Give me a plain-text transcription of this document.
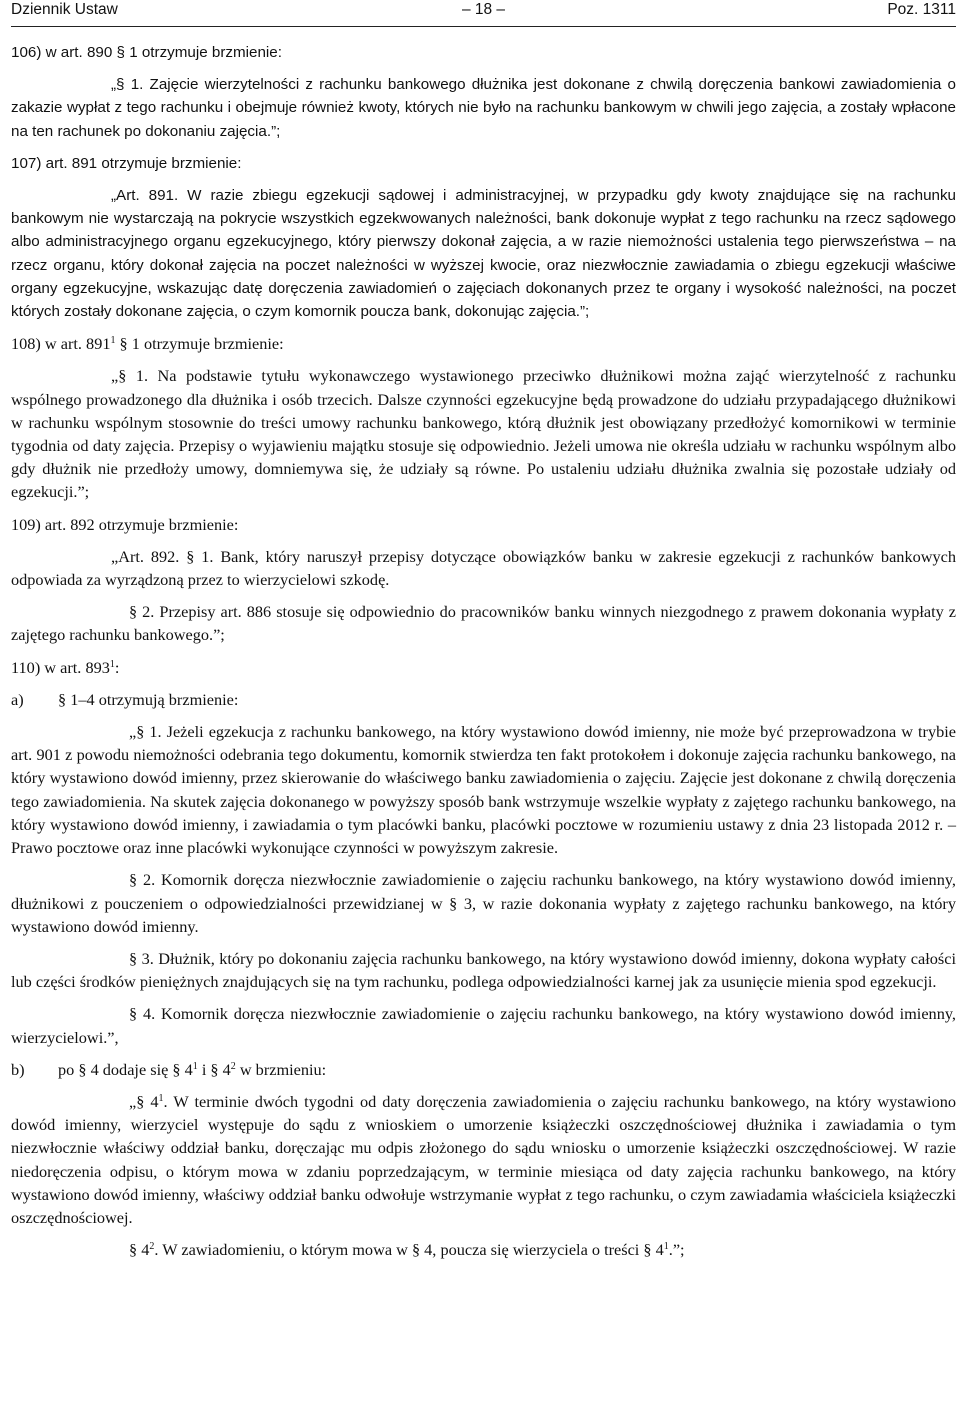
Dziennik Ustaw	– 18 –	Poz. 1311

106) w art. 890 § 1 otrzymuje brzmienie:

„§ 1. Zajęcie wierzytelności z rachunku bankowego dłużnika jest dokonane z chwilą doręczenia bankowi zawiadomienia o zakazie wypłat z tego rachunku i obejmuje również kwoty, których nie było na rachunku bankowym w chwili jego zajęcia, a zostały wpłacone na ten rachunek po dokonaniu zajęcia.”;

107) art. 891 otrzymuje brzmienie:

„Art. 891. W razie zbiegu egzekucji sądowej i administracyjnej, w przypadku gdy kwoty znajdujące się na rachunku bankowym nie wystarczają na pokrycie wszystkich egzekwowanych należności, bank dokonuje wypłat z tego rachunku na rzecz sądowego albo administracyjnego organu egzekucyjnego, który pierwszy dokonał zajęcia, a w razie niemożności ustalenia tego pierwszeństwa – na rzecz organu, który dokonał zajęcia na poczet należności w wyższej kwocie, oraz niezwłocznie zawiadamia o zbiegu egzekucji właściwe organy egzekucyjne, wskazując datę doręczenia zawiadomień o zajęciach dokonanych przez te organy i wysokość należności, na poczet których zostały dokonane zajęcia, o czym komornik poucza bank, dokonując zajęcia.”;

108) w art. $891^1$ § 1 otrzymuje brzmienie:

„§ 1. Na podstawie tytułu wykonawczego wystawionego przeciwko dłużnikowi można zająć wierzytelność z rachunku wspólnego prowadzonego dla dłużnika i osób trzecich. Dalsze czynności egzekucyjne będą prowadzone do udziału przypadającego dłużnikowi w rachunku wspólnym stosownie do treści umowy rachunku bankowego, którą dłużnik jest obowiązany przedłożyć komornikowi w terminie tygodnia od daty zajęcia. Przepisy o wyjawieniu majątku stosuje się odpowiednio. Jeżeli umowa nie określa udziału w rachunku wspólnym albo gdy dłużnik nie przedłoży umowy, domniemywa się, że udziały są równe. Po ustaleniu udziału dłużnika zwalnia się pozostałe udziały od egzekucji.”;

109) art. 892 otrzymuje brzmienie:

„Art. 892. § 1. Bank, który naruszył przepisy dotyczące obowiązków banku w zakresie egzekucji z rachunków bankowych odpowiada za wyrządzoną przez to wierzycielowi szkodę.

§ 2. Przepisy art. 886 stosuje się odpowiednio do pracowników banku winnych niezgodnego z prawem dokonania wypłaty z zajętego rachunku bankowego.”;

110) w art. $893^1$:

a) § 1–4 otrzymują brzmienie:

„§ 1. Jeżeli egzekucja z rachunku bankowego, na który wystawiono dowód imienny, nie może być przeprowadzona w trybie art. 901 z powodu niemożności odebrania tego dokumentu, komornik stwierdza ten fakt protokołem i dokonuje zajęcia rachunku bankowego, na który wystawiono dowód imienny, przez skierowanie do właściwego banku zawiadomienia o zajęciu. Zajęcie jest dokonane z chwilą doręczenia tego zawiadomienia. Na skutek zajęcia dokonanego w powyższy sposób bank wstrzymuje wszelkie wypłaty z zajętego rachunku bankowego, na który wystawiono dowód imienny, i zawiadamia o tym placówki banku, placówki pocztowe w rozumieniu ustawy z dnia 23 listopada 2012 r. – Prawo pocztowe oraz inne placówki wykonujące czynności w powyższym zakresie.

§ 2. Komornik doręcza niezwłocznie zawiadomienie o zajęciu rachunku bankowego, na który wystawiono dowód imienny, dłużnikowi z pouczeniem o odpowiedzialności przewidzianej w § 3, w razie dokonania wypłaty z zajętego rachunku bankowego, na który wystawiono dowód imienny.

§ 3. Dłużnik, który po dokonaniu zajęcia rachunku bankowego, na który wystawiono dowód imienny, dokona wypłaty całości lub części środków pieniężnych znajdujących się na tym rachunku, podlega odpowiedzialności karnej jak za usunięcie mienia spod egzekucji.

§ 4. Komornik doręcza niezwłocznie zawiadomienie o zajęciu rachunku bankowego, na który wystawiono dowód imienny, wierzycielowi.”,

b) po § 4 dodaje się § $4^1$ i § $4^2$ w brzmieniu:

„§ $4^1$. W terminie dwóch tygodni od daty doręczenia zawiadomienia o zajęciu rachunku bankowego, na który wystawiono dowód imienny, wierzyciel występuje do sądu z wnioskiem o umorzenie książeczki oszczędnościowej dłużnika i zawiadamia o tym niezwłocznie właściwy oddział banku, doręczając mu odpis złożonego do sądu wniosku o umorzenie książeczki oszczędnościowej. W razie niedoręczenia odpisu, o którym mowa w zdaniu poprzedzającym, w terminie miesiąca od daty zajęcia rachunku bankowego, na który wystawiono dowód imienny, właściwy oddział banku odwołuje wstrzymanie wypłat z tego rachunku, o czym zawiadamia właściciela książeczki oszczędnościowej.

§ $4^2$. W zawiadomieniu, o którym mowa w § 4, poucza się wierzyciela o treści § $4^1$.”;
